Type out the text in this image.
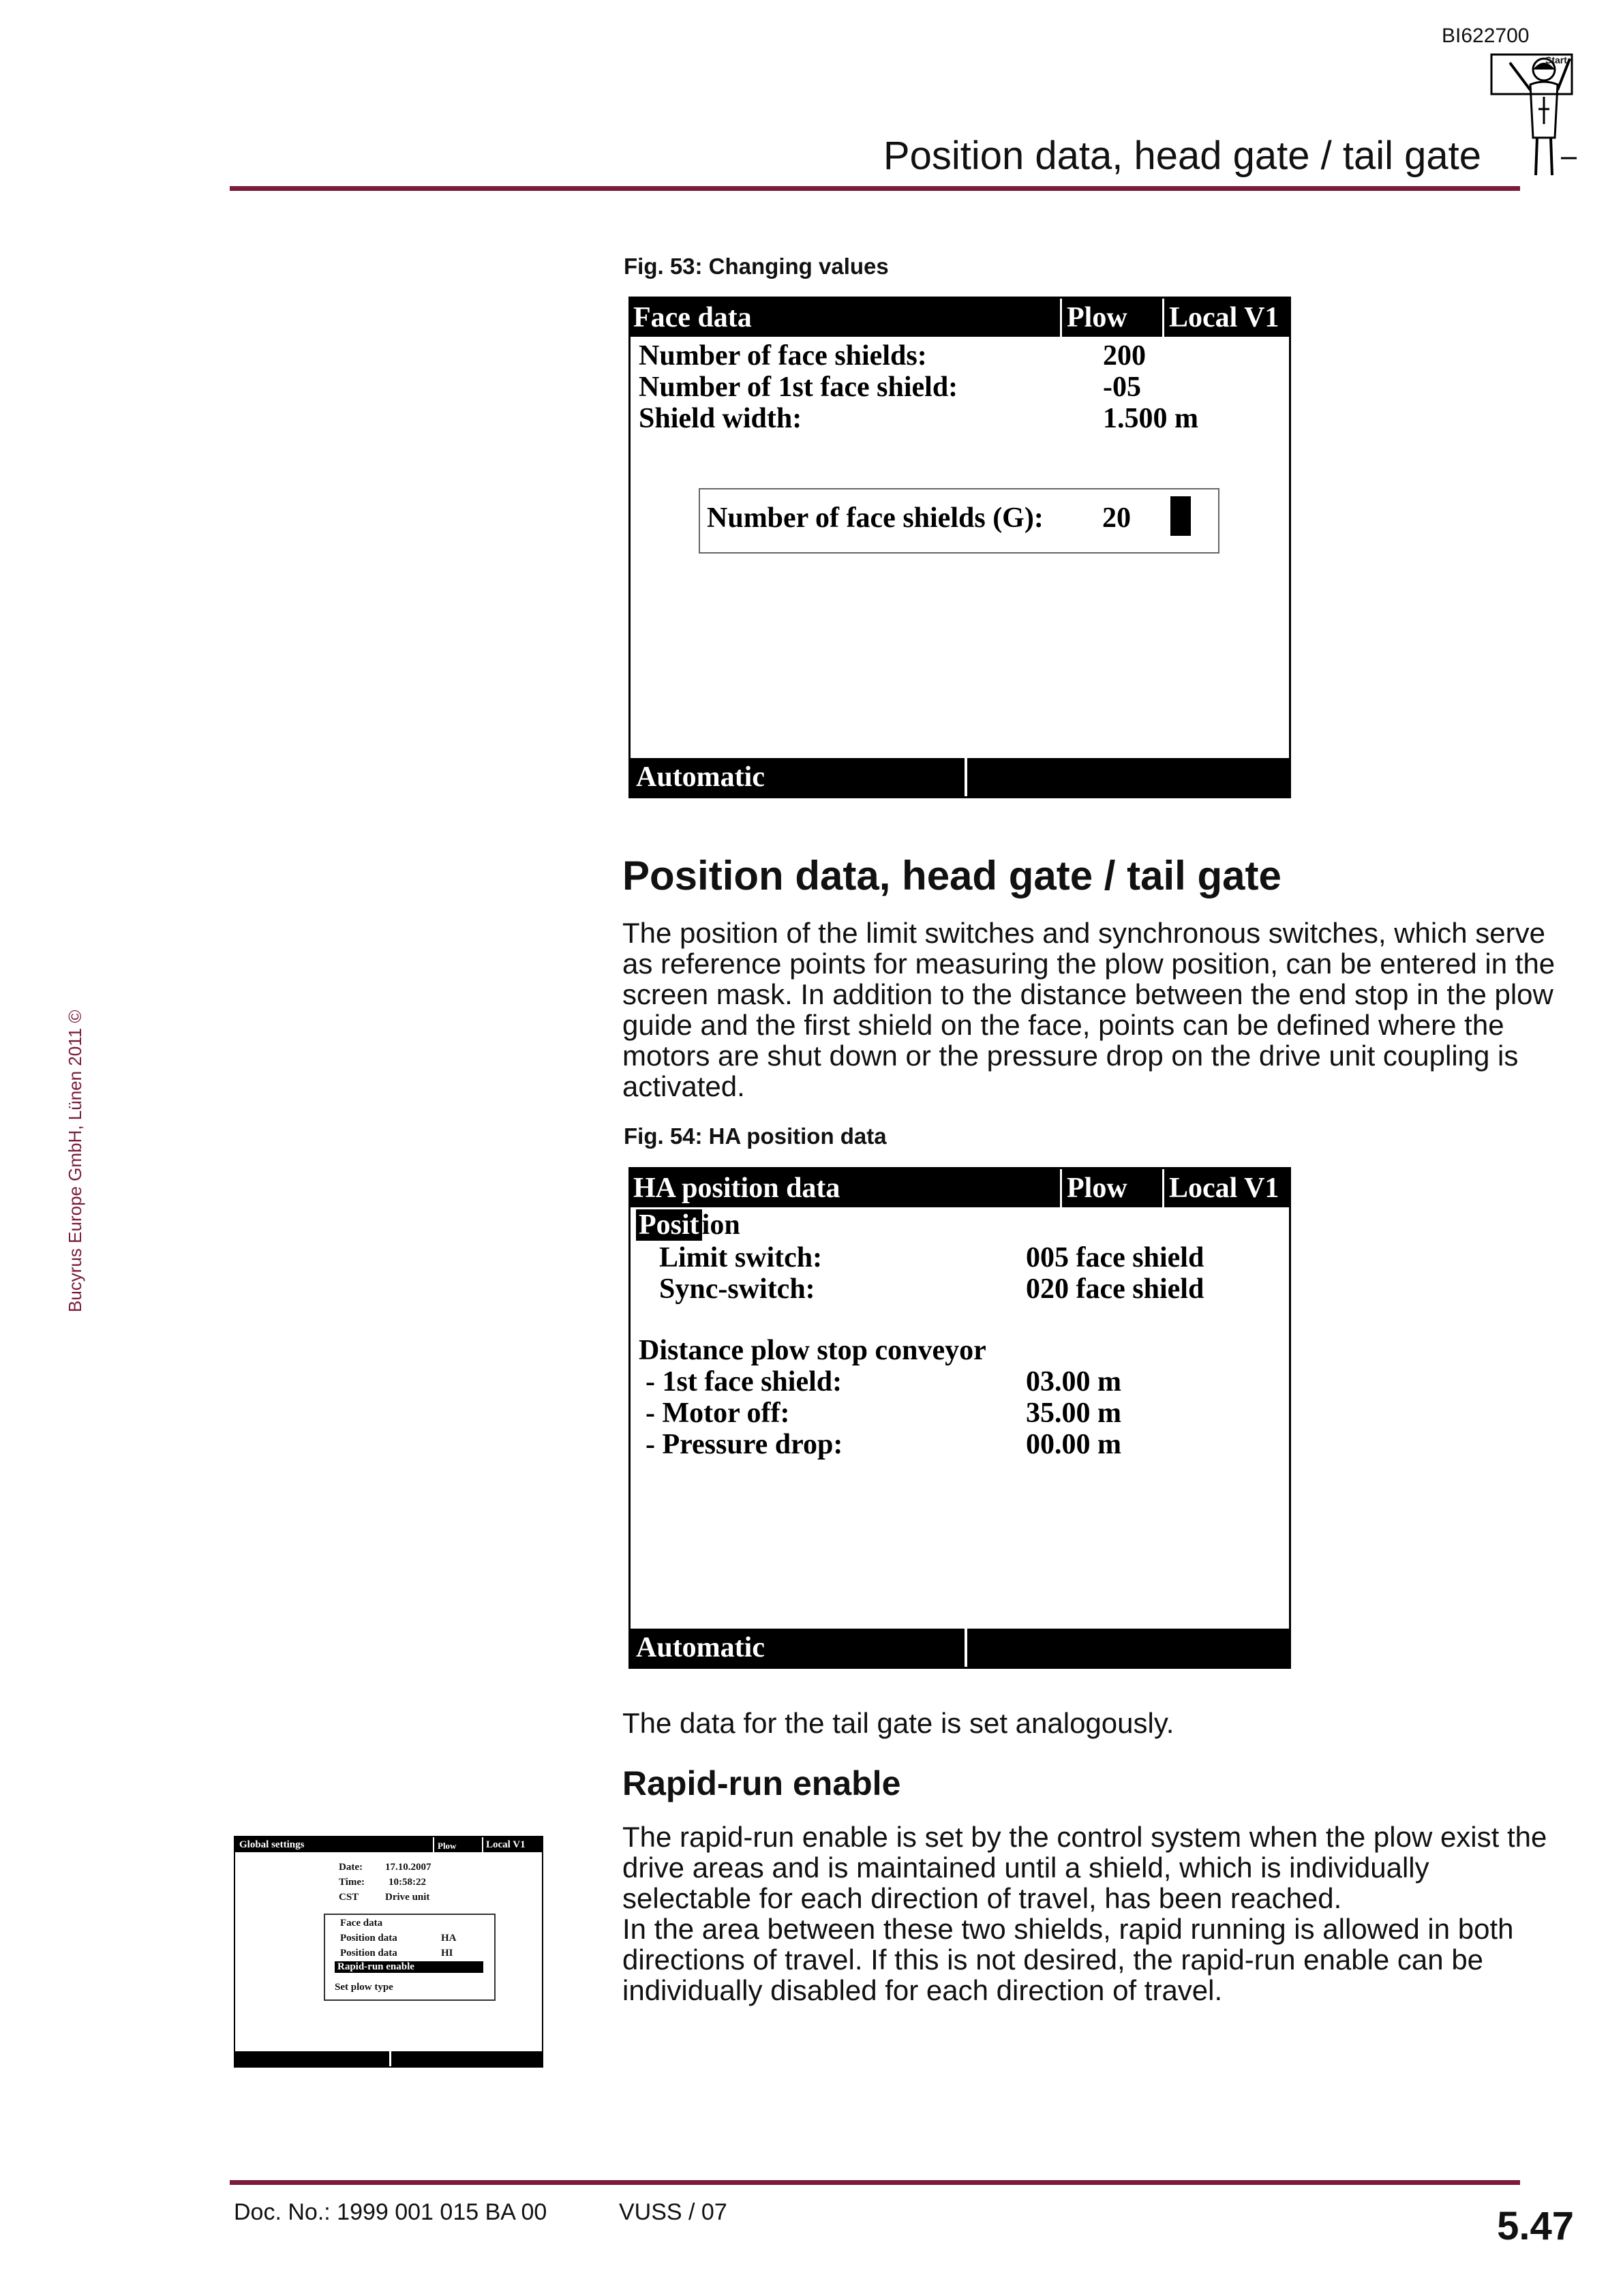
BI622700
Position data, head gate / tail gate
Start
Bucyrus Europe GmbH, Lünen 2011 ©
Fig. 53: Changing values
Face data	Plow Local V1
Number of face shields:	200
Number of 1st face shield:	-05
Shield width:	1.500 m
Number of face shields (G): 20
Automatic
Position data, head gate / tail gate
The position of the limit switches and synchronous switches, which serve as reference points for measuring the plow position, can be entered in the screen mask. In addition to the distance between the end stop in the plow guide and the first shield on the face, points can be defined where the motors are shut down or the pressure drop on the drive unit coupling is activated.
Fig. 54: HA position data
HA position data	Plow Local V1
Position
Limit switch:	005 face shield
Sync-switch:	020 face shield
Distance plow stop conveyor
- 1st face shield:	03.00 m
- Motor off:	35.00 m
- Pressure drop:	00.00 m
Automatic
The data for the tail gate is set analogously.
Rapid-run enable
The rapid-run enable is set by the control system when the plow exist the drive areas and is maintained until a shield, which is individually selectable for each direction of travel, has been reached.
In the area between these two shields, rapid running is allowed in both directions of travel. If this is not desired, the rapid-run enable can be individually disabled for each direction of travel.
Global settings	Plow	Local V1
Date: 17.10.2007
Time: 10:58:22
CST	Drive unit
Face data
Position data	HA
Position data	HI
Rapid-run enable
Set plow type
Doc. No.: 1999 001 015 BA 00	VUSS / 07	5.47
